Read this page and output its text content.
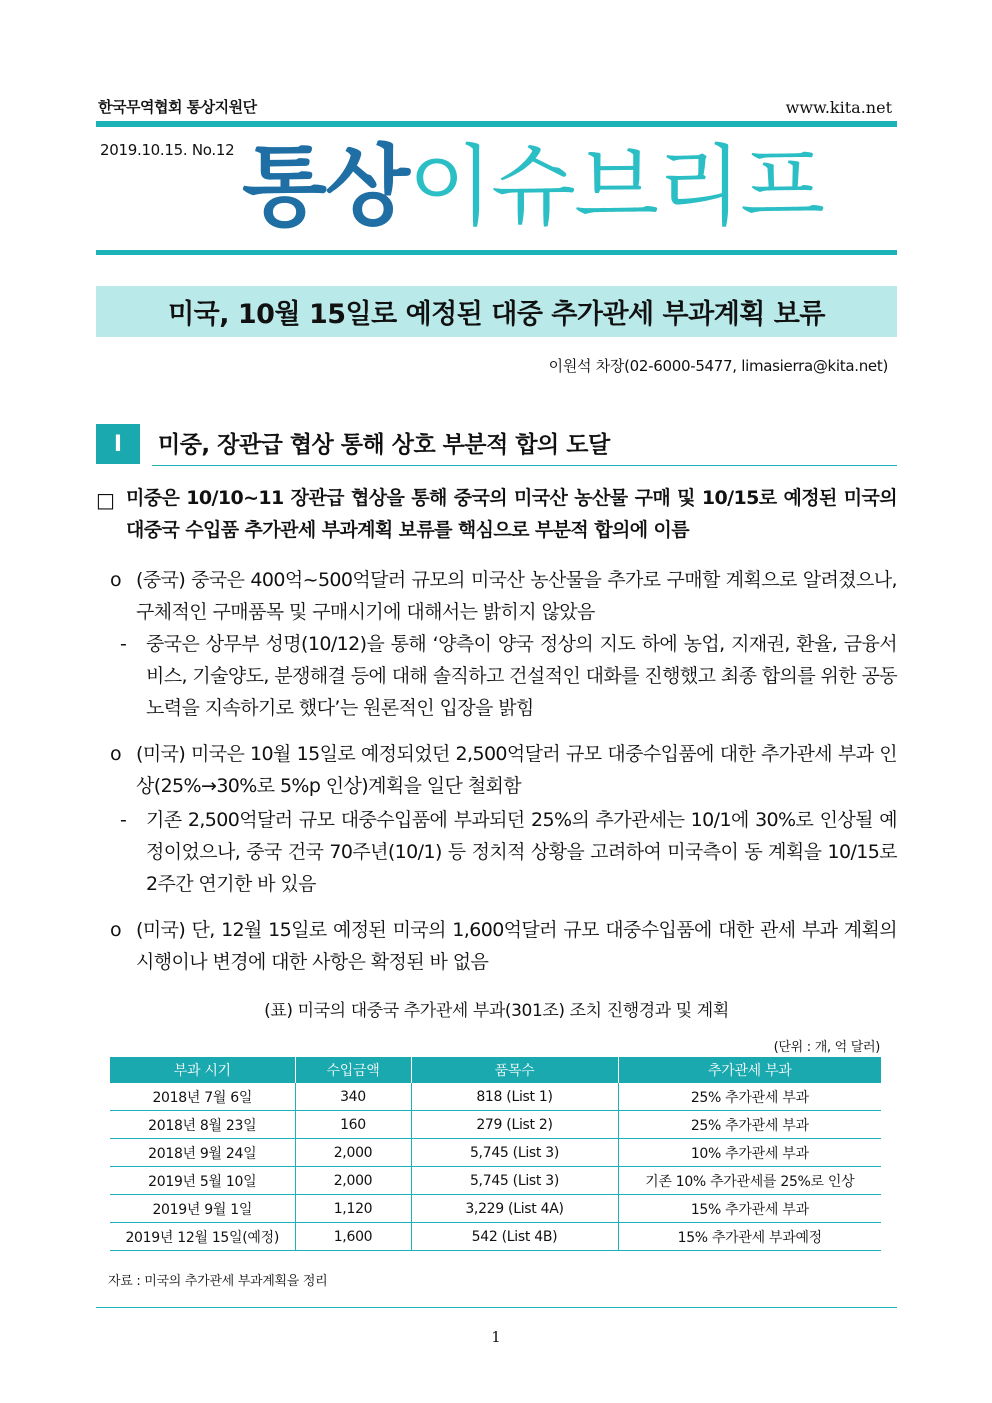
한국무역협회 통상지원단	www.kita.net
2019.10.15. No.12 통상이슈브리프
미국, 10월 15일로 예정된 대중 추가관세 부과계획 보류
이원석 차장(02-6000-5477, limasierra@kita.net)
I	미중, 장관급 협상 통해 상호 부분적 합의 도달
□ 미중은 10/10~11 장관급 협상을 통해 중국의 미국산 농산물 구매 및 10/15로 예정된 미국의 대중국 수입품 추가관세 부과계획 보류를 핵심으로 부분적 합의에 이름
o (중국) 중국은 400억~500억달러 규모의 미국산 농산물을 추가로 구매할 계획으로 알려졌으나, 구체적인 구매품목 및 구매시기에 대해서는 밝히지 않았음
- 중국은 상무부 성명(10/12)을 통해 ‘양측이 양국 정상의 지도 하에 농업, 지재권, 환율, 금융서비스, 기술양도, 분쟁해결 등에 대해 솔직하고 건설적인 대화를 진행했고 최종 합의를 위한 공동 노력을 지속하기로 했다’는 원론적인 입장을 밝힘
o (미국) 미국은 10월 15일로 예정되었던 2,500억달러 규모 대중수입품에 대한 추가관세 부과 인상(25%→30%로 5%p 인상)계획을 일단 철회함
- 기존 2,500억달러 규모 대중수입품에 부과되던 25%의 추가관세는 10/1에 30%로 인상될 예정이었으나, 중국 건국 70주년(10/1) 등 정치적 상황을 고려하여 미국측이 동 계획을 10/15로 2주간 연기한 바 있음
o (미국) 단, 12월 15일로 예정된 미국의 1,600억달러 규모 대중수입품에 대한 관세 부과 계획의 시행이나 변경에 대한 사항은 확정된 바 없음
(표) 미국의 대중국 추가관세 부과(301조) 조치 진행경과 및 계획
(단위 : 개, 억 달러)
부과 시기	수입금액	품목수	추가관세 부과
2018년 7월 6일	340	818 (List 1)	25% 추가관세 부과
2018년 8월 23일	160	279 (List 2)	25% 추가관세 부과
2018년 9월 24일	2,000	5,745 (List 3)	10% 추가관세 부과
2019년 5월 10일	2,000	5,745 (List 3)	기존 10% 추가관세를 25%로 인상
2019년 9월 1일	1,120	3,229 (List 4A)	15% 추가관세 부과
2019년 12월 15일(예정)	1,600	542 (List 4B)	15% 추가관세 부과예정
자료 : 미국의 추가관세 부과계획을 정리
1
